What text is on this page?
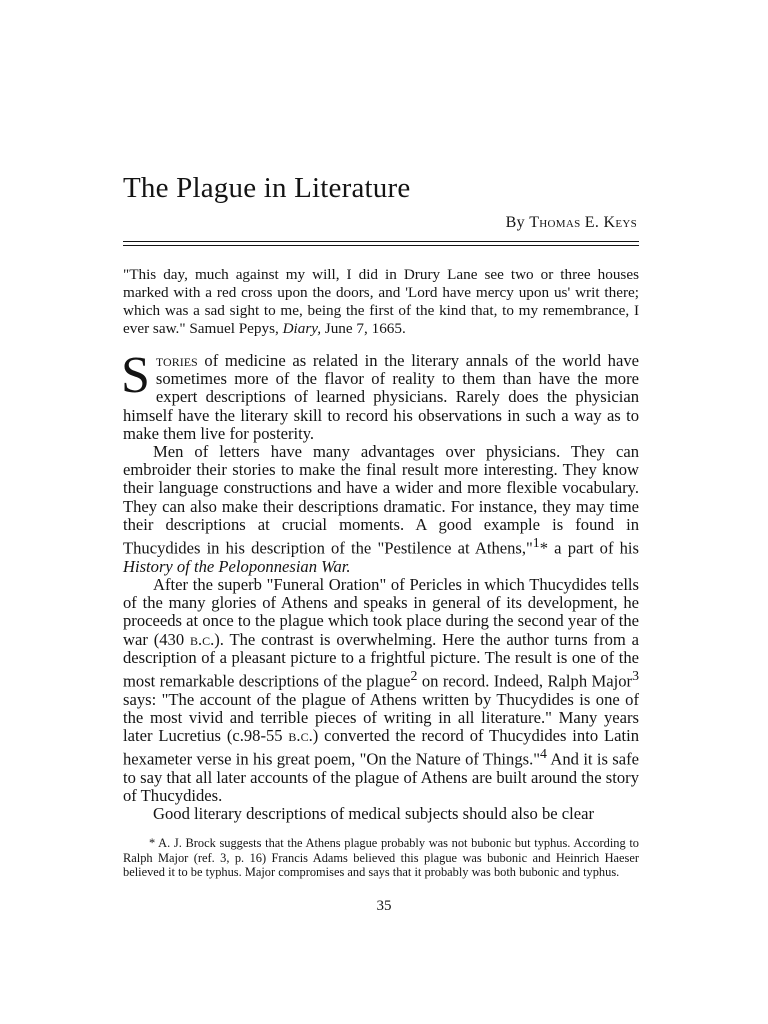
The Plague in Literature
By Thomas E. Keys
"This day, much against my will, I did in Drury Lane see two or three houses marked with a red cross upon the doors, and 'Lord have mercy upon us' writ there; which was a sad sight to me, being the first of the kind that, to my remembrance, I ever saw." Samuel Pepys, Diary, June 7, 1665.

Stories of medicine as related in the literary annals of the world have sometimes more of the flavor of reality to them than have the more expert descriptions of learned physicians. Rarely does the physician himself have the literary skill to record his observations in such a way as to make them live for posterity.

Men of letters have many advantages over physicians. They can embroider their stories to make the final result more interesting. They know their language constructions and have a wider and more flexible vocabulary. They can also make their descriptions dramatic. For instance, they may time their descriptions at crucial moments. A good example is found in Thucydides in his description of the "Pestilence at Athens,"$^1$* a part of his History of the Peloponnesian War.

After the superb "Funeral Oration" of Pericles in which Thucydides tells of the many glories of Athens and speaks in general of its development, he proceeds at once to the plague which took place during the second year of the war (430 b.c.). The contrast is overwhelming. Here the author turns from a description of a pleasant picture to a frightful picture. The result is one of the most remarkable descriptions of the plague$^2$ on record. Indeed, Ralph Major$^3$ says: "The account of the plague of Athens written by Thucydides is one of the most vivid and terrible pieces of writing in all literature." Many years later Lucretius (c.98-55 b.c.) converted the record of Thucydides into Latin hexameter verse in his great poem, "On the Nature of Things."$^4$ And it is safe to say that all later accounts of the plague of Athens are built around the story of Thucydides.

Good literary descriptions of medical subjects should also be clear

* A. J. Brock suggests that the Athens plague probably was not bubonic but typhus. According to Ralph Major (ref. 3, p. 16) Francis Adams believed this plague was bubonic and Heinrich Haeser believed it to be typhus. Major compromises and says that it probably was both bubonic and typhus.

35
